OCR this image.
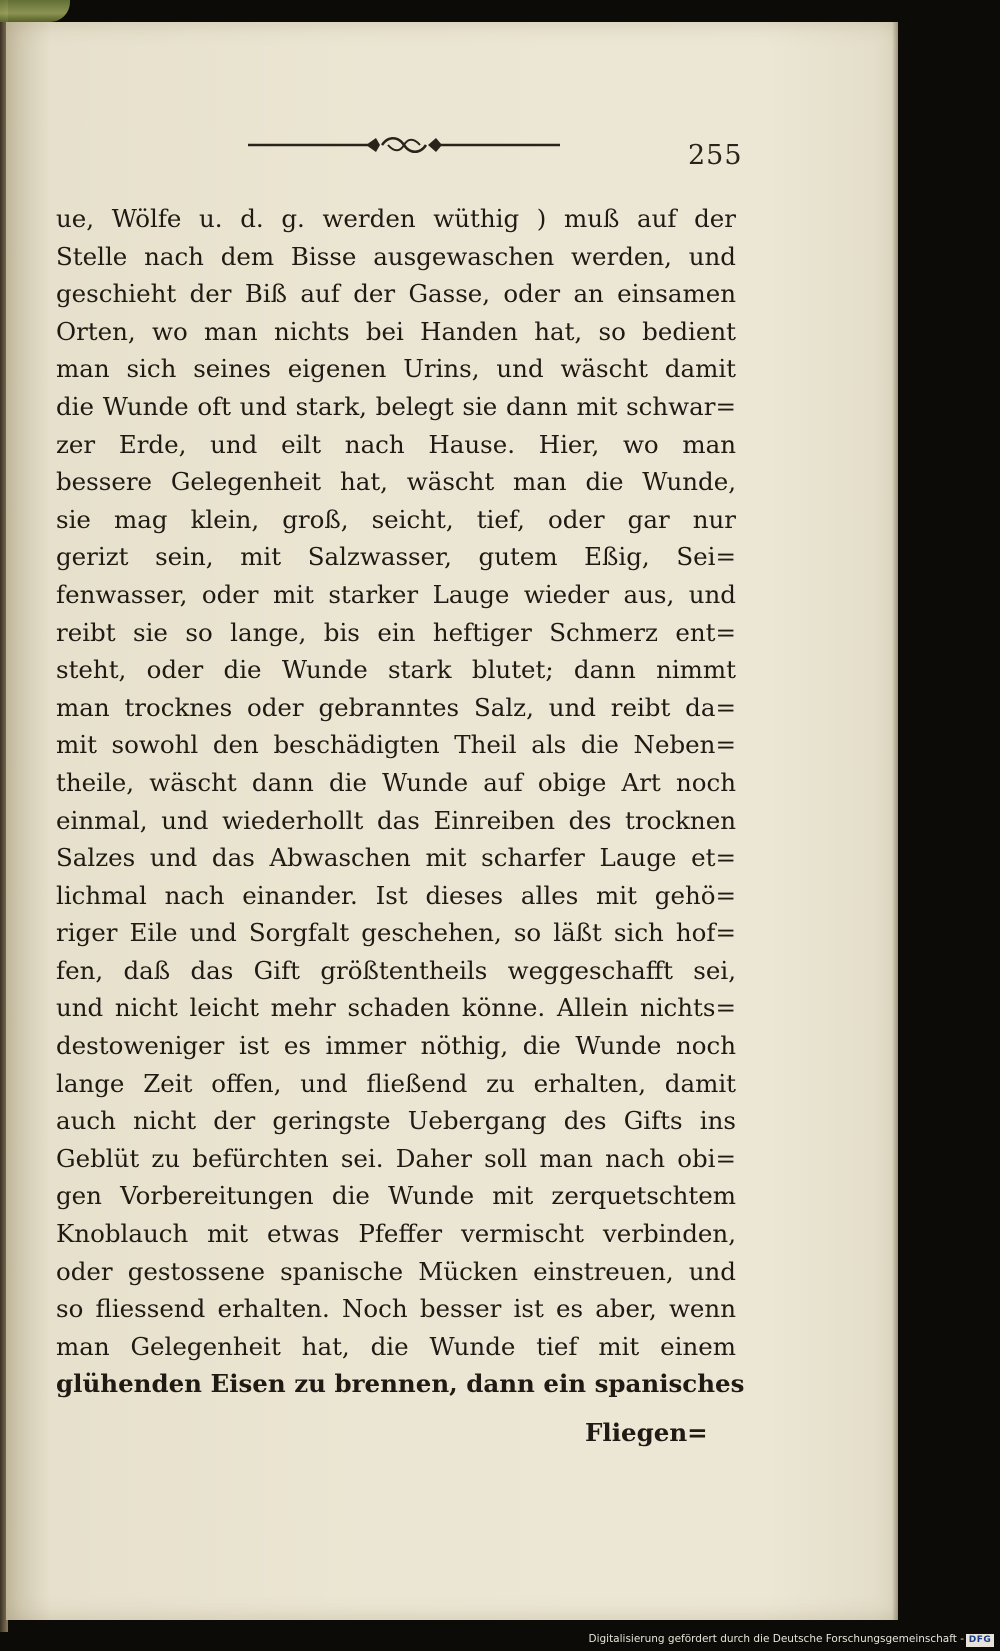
255
ue, Wölfe u. d. g. werden wüthig ) muß auf der
Stelle nach dem Bisse ausgewaschen werden, und
geschieht der Biß auf der Gasse, oder an einsamen
Orten, wo man nichts bei Handen hat, so bedient
man sich seines eigenen Urins, und wäscht damit
die Wunde oft und stark, belegt sie dann mit schwar=
zer Erde, und eilt nach Hause. Hier, wo man
bessere Gelegenheit hat, wäscht man die Wunde,
sie mag klein, groß, seicht, tief, oder gar nur
gerizt sein, mit Salzwasser, gutem Eßig, Sei=
fenwasser, oder mit starker Lauge wieder aus, und
reibt sie so lange, bis ein heftiger Schmerz ent=
steht, oder die Wunde stark blutet; dann nimmt
man trocknes oder gebranntes Salz, und reibt da=
mit sowohl den beschädigten Theil als die Neben=
theile, wäscht dann die Wunde auf obige Art noch
einmal, und wiederhollt das Einreiben des trocknen
Salzes und das Abwaschen mit scharfer Lauge et=
lichmal nach einander. Ist dieses alles mit gehö=
riger Eile und Sorgfalt geschehen, so läßt sich hof=
fen, daß das Gift größtentheils weggeschafft sei,
und nicht leicht mehr schaden könne. Allein nichts=
destoweniger ist es immer nöthig, die Wunde noch
lange Zeit offen, und fließend zu erhalten, damit
auch nicht der geringste Uebergang des Gifts ins
Geblüt zu befürchten sei. Daher soll man nach obi=
gen Vorbereitungen die Wunde mit zerquetschtem
Knoblauch mit etwas Pfeffer vermischt verbinden,
oder gestossene spanische Mücken einstreuen, und
so fliessend erhalten. Noch besser ist es aber, wenn
man Gelegenheit hat, die Wunde tief mit einem
glühenden Eisen zu brennen, dann ein spanisches
Fliegen=
Digitalisierung gefördert durch die Deutsche Forschungsgemeinschaft - DFG
